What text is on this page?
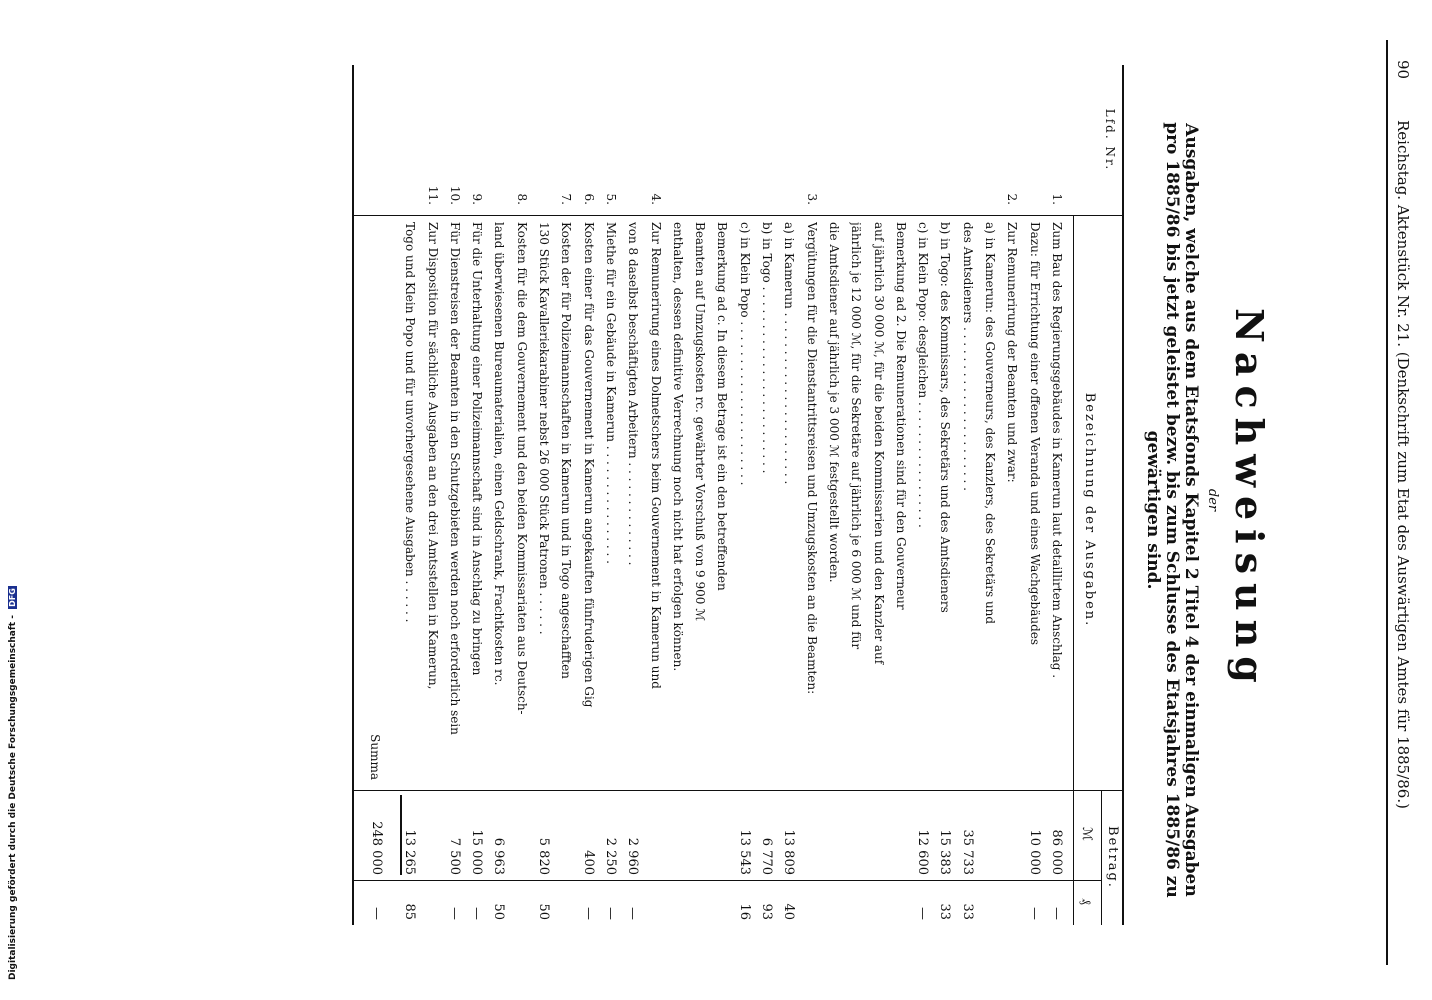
90
Reichstag. Aktenstück Nr. 21. (Denkschrift zum Etat des Auswärtigen Amtes für 1885/86.)
Nachweisung
der
Ausgaben, welche aus dem Etatsfonds Kapitel 2 Titel 4 der einmaligen Ausgaben pro 1885/86 bis jetzt geleistet bezw. bis zum Schlusse des Etatsjahres 1885/86 zu gewärtigen sind.
Lfd. Nr.
Bezeichnung der Ausgaben.
Betrag.
ℳ
₰
1.
Zum Bau des Regierungsgebäudes in Kamerun laut detaillirtem Anschlag .
86 000
—
Dazu: für Errichtung einer offenen Veranda und eines Wachgebäudes
10 000
—
2.
Zur Remunerirung der Beamten und zwar:
a) in Kamerun: des Gouverneurs, des Kanzlers, des Sekretärs und
des Amtsdieners . . . . . . . . . . . . . . . . . . . . . .
35 733
33
b) in Togo: des Kommissars, des Sekretärs und des Amtsdieners
15 383
33
c) in Klein Popo: desgleichen . . . . . . . . . . . . . . . . .
12 600
—
Bemerkung ad 2. Die Remunerationen sind für den Gouverneur
auf jährlich 30 000 ℳ, für die beiden Kommissarien und den Kanzler auf
jährlich je 12 000 ℳ, für die Sekretäre auf jährlich je 6 000 ℳ und für
die Amtsdiener auf jährlich je 3 000 ℳ festgestellt worden.
3.
Vergütungen für die Dienstantrittsreisen und Umzugskosten an die Beamten:
a) in Kamerun . . . . . . . . . . . . . . . . . . . . . . .
13 809
40
b) in Togo . . . . . . . . . . . . . . . . . . . . . . . . .
6 770
93
c) in Klein Popo . . . . . . . . . . . . . . . . . . . . . .
13 543
16
Bemerkung ad c. In diesem Betrage ist ein den betreffenden
Beamten auf Umzugskosten rc. gewährter Vorschuß von 9 900 ℳ
enthalten, dessen definitive Verrechnung noch nicht hat erfolgen können.
4.
Zur Remunerirung eines Dolmetschers beim Gouvernement in Kamerun und
von 8 daselbst beschäftigten Arbeitern . . . . . . . . . . . . . .
2 960
—
5.
Miethe für ein Gebäude in Kamerun . . . . . . . . . . . . . . . .
2 250
—
6.
Kosten einer für das Gouvernement in Kamerun angekauften fünfruderigen Gig
400
—
7.
Kosten der für Polizeimannschaften in Kamerun und in Togo angeschafften
130 Stück Kavalleriekarabiner nebst 26 000 Stück Patronen . . . . . .
5 820
50
8.
Kosten für die dem Gouvernement und den beiden Kommissariaten aus Deutsch-
land überwiesenen Bureaumaterialien, einen Geldschrank, Frachtkosten rc.
6 963
50
9.
Für die Unterhaltung einer Polizeimannschaft sind in Anschlag zu bringen
15 000
—
10.
Für Dienstreisen der Beamten in den Schutzgebieten werden noch erforderlich sein
7 500
—
11.
Zur Disposition für sächliche Ausgaben an den drei Amtsstellen in Kamerun,
Togo und Klein Popo und für unvorhergesehene Ausgaben . . . . . .
13 265
85
Summa
248 000
—
Digitalisierung gefördert durch die Deutsche Forschungsgemeinschaft - DFG
